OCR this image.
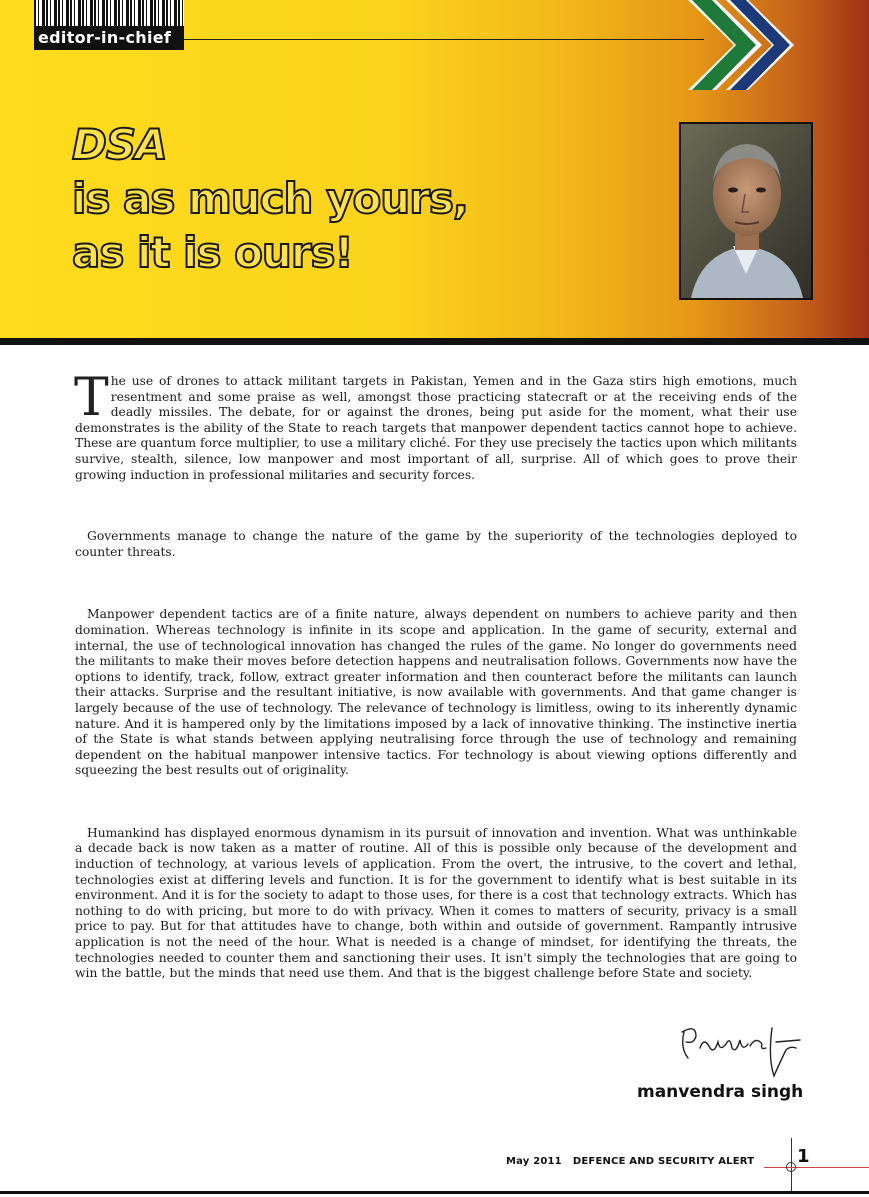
editor-in-chief
DSA
is as much yours,
as it is ours!

The use of drones to attack militant targets in Pakistan, Yemen and in the Gaza stirs high emotions, much resentment and some praise as well, amongst those practicing statecraft or at the receiving ends of the deadly missiles. The debate, for or against the drones, being put aside for the moment, what their use demonstrates is the ability of the State to reach targets that manpower dependent tactics cannot hope to achieve. These are quantum force multiplier, to use a military cliché. For they use precisely the tactics upon which militants survive, stealth, silence, low manpower and most important of all, surprise. All of which goes to prove their growing induction in professional militaries and security forces.

Governments manage to change the nature of the game by the superiority of the technologies deployed to counter threats.

Manpower dependent tactics are of a finite nature, always dependent on numbers to achieve parity and then domination. Whereas technology is infinite in its scope and application. In the game of security, external and internal, the use of technological innovation has changed the rules of the game. No longer do governments need the militants to make their moves before detection happens and neutralisation follows. Governments now have the options to identify, track, follow, extract greater information and then counteract before the militants can launch their attacks. Surprise and the resultant initiative, is now available with governments. And that game changer is largely because of the use of technology. The relevance of technology is limitless, owing to its inherently dynamic nature. And it is hampered only by the limitations imposed by a lack of innovative thinking. The instinctive inertia of the State is what stands between applying neutralising force through the use of technology and remaining dependent on the habitual manpower intensive tactics. For technology is about viewing options differently and squeezing the best results out of originality.

Humankind has displayed enormous dynamism in its pursuit of innovation and invention. What was unthinkable a decade back is now taken as a matter of routine. All of this is possible only because of the development and induction of technology, at various levels of application. From the overt, the intrusive, to the covert and lethal, technologies exist at differing levels and function. It is for the government to identify what is best suitable in its environment. And it is for the society to adapt to those uses, for there is a cost that technology extracts. Which has nothing to do with pricing, but more to do with privacy. When it comes to matters of security, privacy is a small price to pay. But for that attitudes have to change, both within and outside of government. Rampantly intrusive application is not the need of the hour. What is needed is a change of mindset, for identifying the threats, the technologies needed to counter them and sanctioning their uses. It isn't simply the technologies that are going to win the battle, but the minds that need use them. And that is the biggest challenge before State and society.

manvendra singh
May 2011 DEFENCE AND SECURITY ALERT 1
